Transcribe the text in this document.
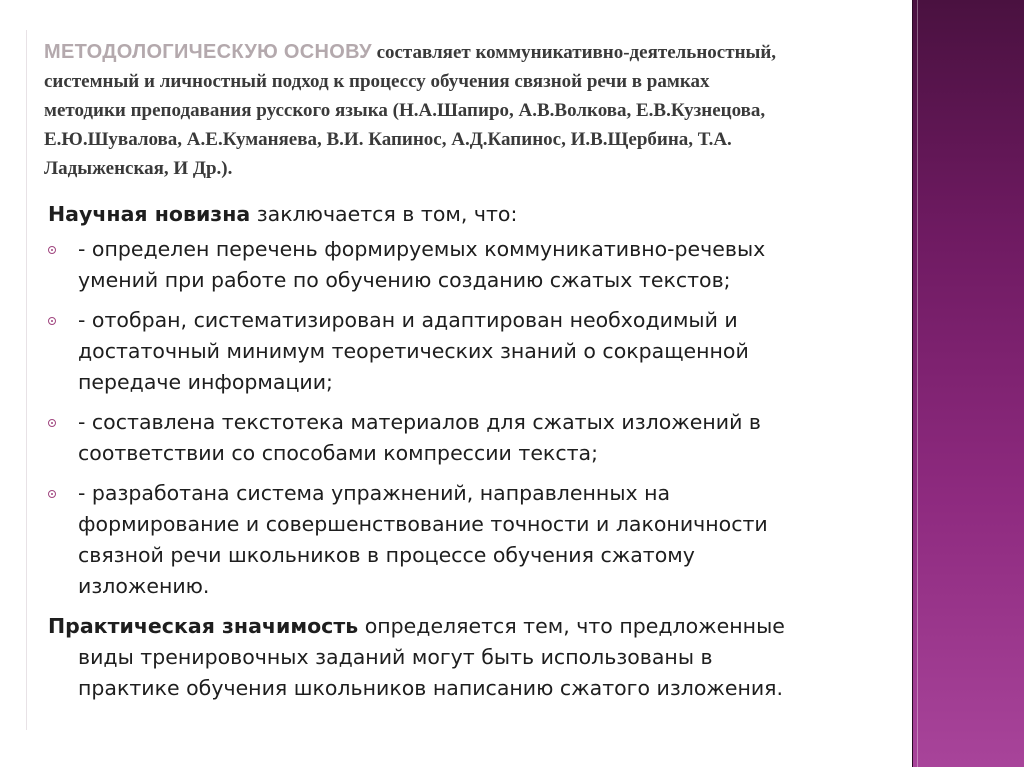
МЕТОДОЛОГИЧЕСКУЮ ОСНОВУ составляет коммуникативно-деятельностный,
системный и личностный подход к процессу обучения связной речи в рамках
методики преподавания русского языка (Н.А.Шапиро, А.В.Волкова, Е.В.Кузнецова,
Е.Ю.Шувалова, А.Е.Куманяева, В.И. Капинос, А.Д.Капинос, И.В.Щербина, Т.А.
Ладыженская, И Др.).
Научная новизна заключается в том, что:
- определен перечень формируемых коммуникативно-речевых
умений при работе по обучению созданию сжатых текстов;
- отобран, систематизирован и адаптирован необходимый и
достаточный минимум теоретических знаний о сокращенной
передаче информации;
- составлена текстотека материалов для сжатых изложений в
соответствии со способами компрессии текста;
- разработана система упражнений, направленных на
формирование и совершенствование точности и лаконичности
связной речи школьников в процессе обучения сжатому
изложению.
Практическая значимость определяется тем, что предложенные
виды тренировочных заданий могут быть использованы в
практике обучения школьников написанию сжатого изложения.
